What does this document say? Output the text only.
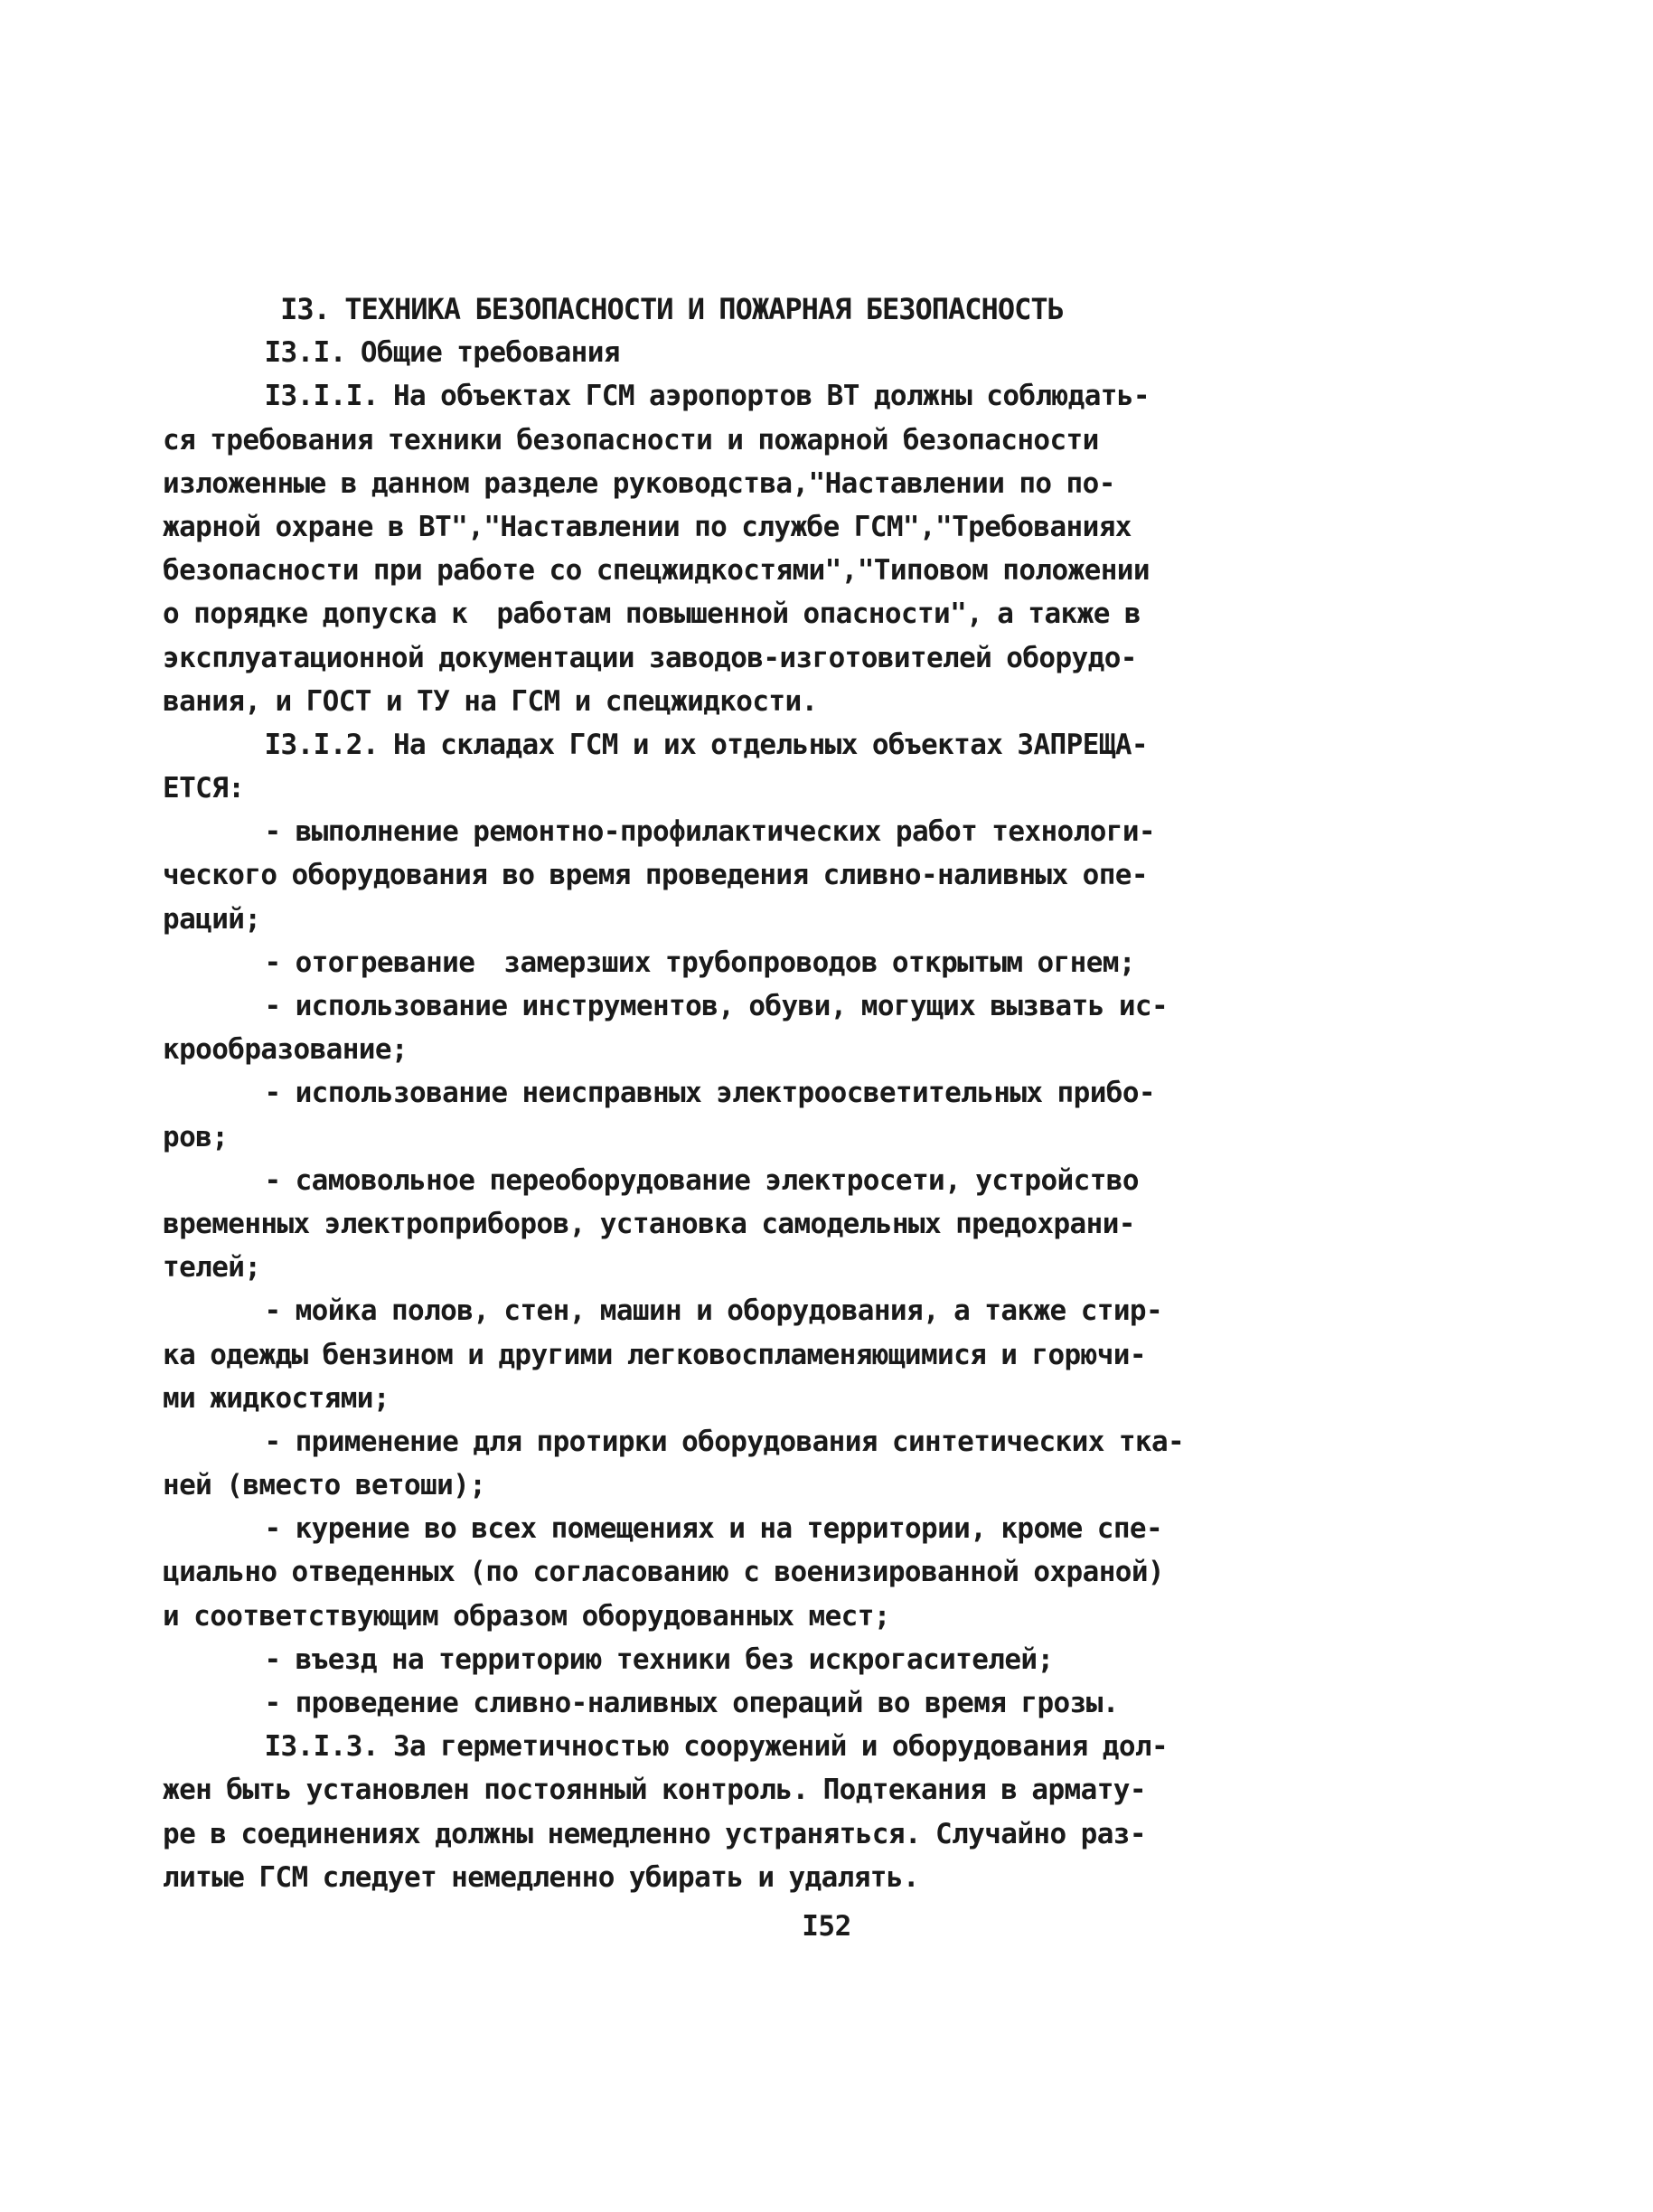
I3. ТЕХНИКА БЕЗОПАСНОСТИ И ПОЖАРНАЯ БЕЗОПАСНОСТЬ
I3.I. Общие требования
I3.I.I. На объектах ГСМ аэропортов ВТ должны соблюдать-
ся требования техники безопасности и пожарной безопасности
изложенные в данном разделе руководства,"Наставлении по по-
жарной охране в ВТ","Наставлении по службе ГСМ","Требованиях
безопасности при работе со спецжидкостями","Типовом положении
о порядке допуска к  работам повышенной опасности", а также в
эксплуатационной документации заводов-изготовителей оборудо-
вания, и ГОСТ и ТУ на ГСМ и спецжидкости.
I3.I.2. На складах ГСМ и их отдельных объектах ЗАПРЕЩА-
ЕТСЯ:
- выполнение ремонтно-профилактических работ технологи-
ческого оборудования во время проведения сливно-наливных опе-
раций;
- отогревание  замерзших трубопроводов открытым огнем;
- использование инструментов, обуви, могущих вызвать ис-
крообразование;
- использование неисправных электроосветительных прибо-
ров;
- самовольное переоборудование электросети, устройство
временных электроприборов, установка самодельных предохрани-
телей;
- мойка полов, стен, машин и оборудования, а также стир-
ка одежды бензином и другими легковоспламеняющимися и горючи-
ми жидкостями;
- применение для протирки оборудования синтетических тка-
ней (вместо ветоши);
- курение во всех помещениях и на территории, кроме спе-
циально отведенных (по согласованию с военизированной охраной)
и соответствующим образом оборудованных мест;
- въезд на территорию техники без искрогасителей;
- проведение сливно-наливных операций во время грозы.
I3.I.3. За герметичностью сооружений и оборудования дол-
жен быть установлен постоянный контроль. Подтекания в армату-
ре в соединениях должны немедленно устраняться. Случайно раз-
литые ГСМ следует немедленно убирать и удалять.
I52
